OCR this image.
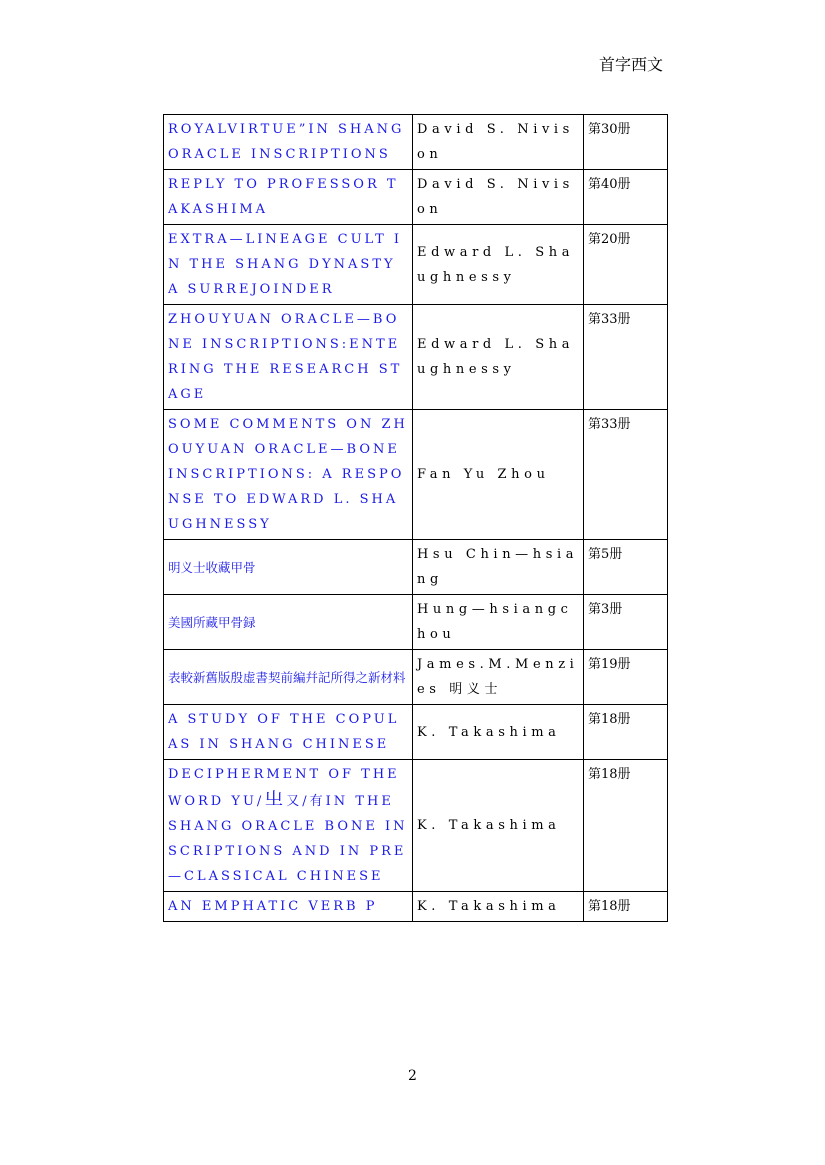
首字西文
ROYALVIRTUE”IN SHANG ORACLE INSCRIPTIONS	David S. Nivison	第30册
REPLY TO PROFESSOR TAKASHIMA	David S. Nivison	第40册
EXTRA—LINEAGE CULT IN THE SHANG DYNASTY A SURREJOINDER	Edward L. Shaughnessy	第20册
ZHOUYUAN ORACLE—BONE INSCRIPTIONS:ENTERING THE RESEARCH STAGE	Edward L. Shaughnessy	第33册
SOME COMMENTS ON ZHOUYUAN ORACLE—BONE INSCRIPTIONS: A RESPONSE TO EDWARD L. SHAUGHNESSY	Fan Yu Zhou	第33册
明义士收藏甲骨	Hsu Chin—hsiang	第5册
美國所藏甲骨録	Hung—hsiangchou	第3册
表較新舊版殷虚書契前編幷記所得之新材料	James.M.Menzies 明义士	第19册
A STUDY OF THE COPULAS IN SHANG CHINESE	K. Takashima	第18册
DECIPHERMENT OF THE WORD YU/㞢又/有IN THE SHANG ORACLE BONE INSCRIPTIONS AND IN PRE—CLASSICAL CHINESE	K. Takashima	第18册
AN EMPHATIC VERB P	K. Takashima	第18册
2
